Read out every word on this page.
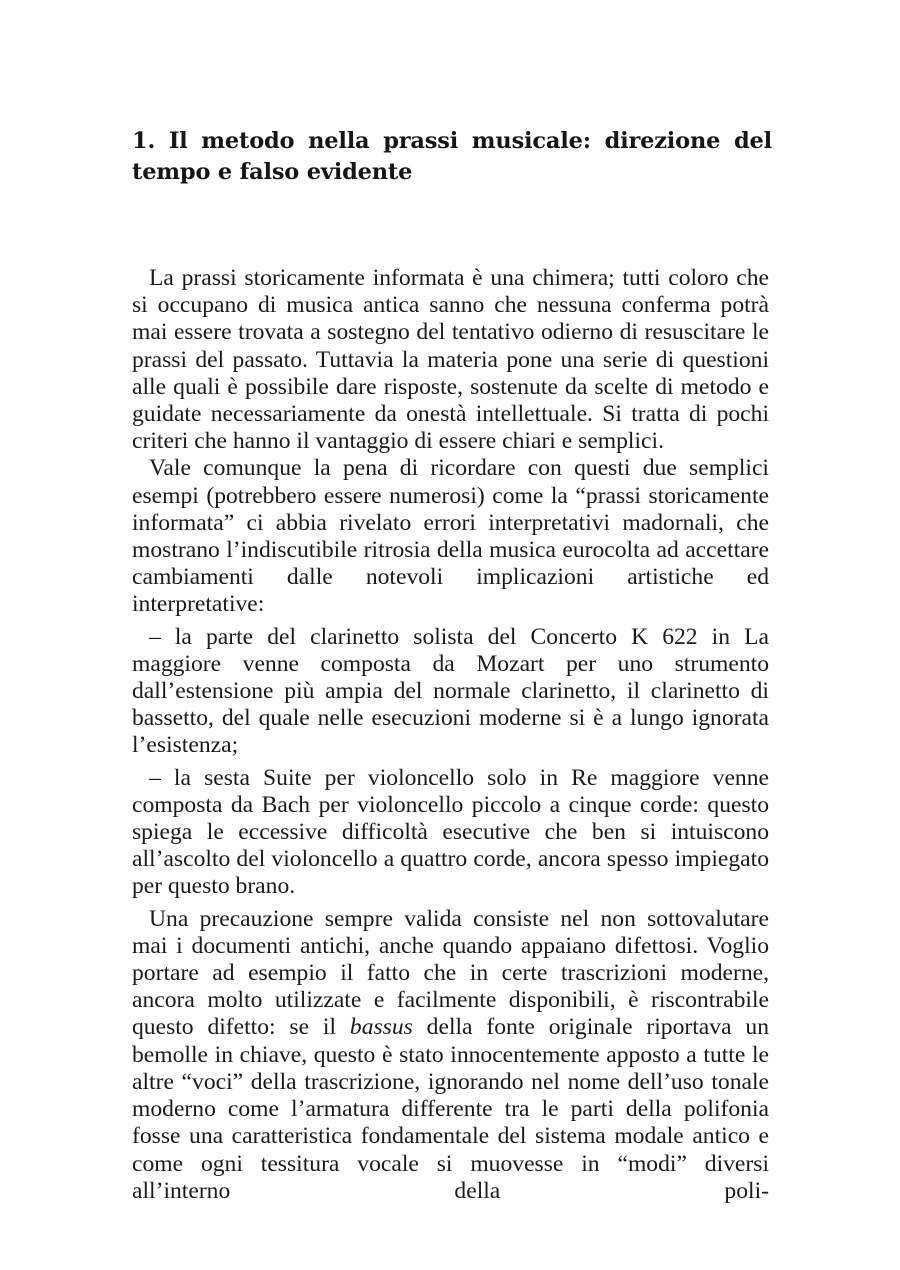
1. Il metodo nella prassi musicale: direzione del tempo e falso evidente

La prassi storicamente informata è una chimera; tutti coloro che si occupano di musica antica sanno che nessuna conferma potrà mai essere trovata a sostegno del tentativo odierno di resuscitare le prassi del passato. Tuttavia la materia pone una serie di questioni alle quali è possibile dare risposte, sostenute da scelte di metodo e guidate necessariamente da onestà intellettuale. Si tratta di pochi criteri che hanno il vantaggio di essere chiari e semplici.

Vale comunque la pena di ricordare con questi due semplici esempi (potrebbero essere numerosi) come la “prassi storicamente informata” ci abbia rivelato errori interpretativi madornali, che mostrano l’indiscutibile ritrosia della musica eurocolta ad accettare cambiamenti dalle notevoli implicazioni artistiche ed interpretative:

– la parte del clarinetto solista del Concerto K 622 in La maggiore venne composta da Mozart per uno strumento dall’estensione più ampia del normale clarinetto, il clarinetto di bassetto, del quale nelle esecuzioni moderne si è a lungo ignorata l’esistenza;

– la sesta Suite per violoncello solo in Re maggiore venne composta da Bach per violoncello piccolo a cinque corde: questo spiega le eccessive difficoltà esecutive che ben si intuiscono all’ascolto del violoncello a quattro corde, ancora spesso impiegato per questo brano.

Una precauzione sempre valida consiste nel non sottovalutare mai i documenti antichi, anche quando appaiano difettosi. Voglio portare ad esempio il fatto che in certe trascrizioni moderne, ancora molto utilizzate e facilmente disponibili, è riscontrabile questo difetto: se il bassus della fonte originale riportava un bemolle in chiave, questo è stato innocentemente apposto a tutte le altre “voci” della trascrizione, ignorando nel nome dell’uso tonale moderno come l’armatura differente tra le parti della polifonia fosse una caratteristica fondamentale del sistema modale antico e come ogni tessitura vocale si muovesse in “modi” diversi all’interno della poli-
